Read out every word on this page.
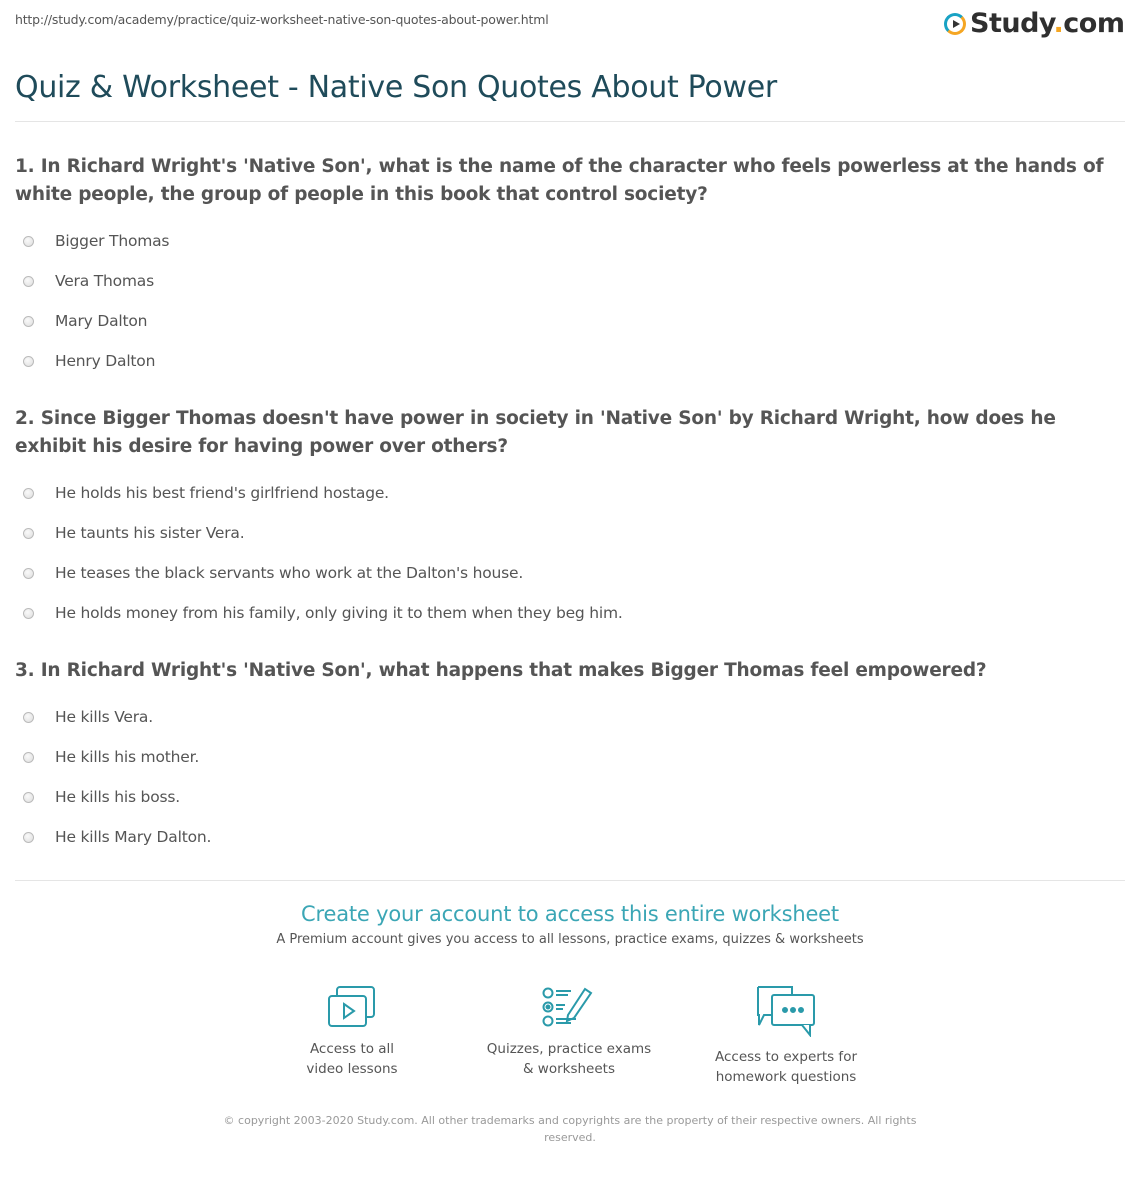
http://study.com/academy/practice/quiz-worksheet-native-son-quotes-about-power.html	Study.com
Quiz & Worksheet - Native Son Quotes About Power
1. In Richard Wright's 'Native Son', what is the name of the character who feels powerless at the hands of white people, the group of people in this book that control society?
Bigger Thomas
Vera Thomas
Mary Dalton
Henry Dalton
2. Since Bigger Thomas doesn't have power in society in 'Native Son' by Richard Wright, how does he exhibit his desire for having power over others?
He holds his best friend's girlfriend hostage.
He taunts his sister Vera.
He teases the black servants who work at the Dalton's house.
He holds money from his family, only giving it to them when they beg him.
3. In Richard Wright's 'Native Son', what happens that makes Bigger Thomas feel empowered?
He kills Vera.
He kills his mother.
He kills his boss.
He kills Mary Dalton.
Create your account to access this entire worksheet
A Premium account gives you access to all lessons, practice exams, quizzes & worksheets
Access to all
video lessons
Quizzes, practice exams
& worksheets
Access to experts for
homework questions
© copyright 2003-2020 Study.com. All other trademarks and copyrights are the property of their respective owners. All rights reserved.
